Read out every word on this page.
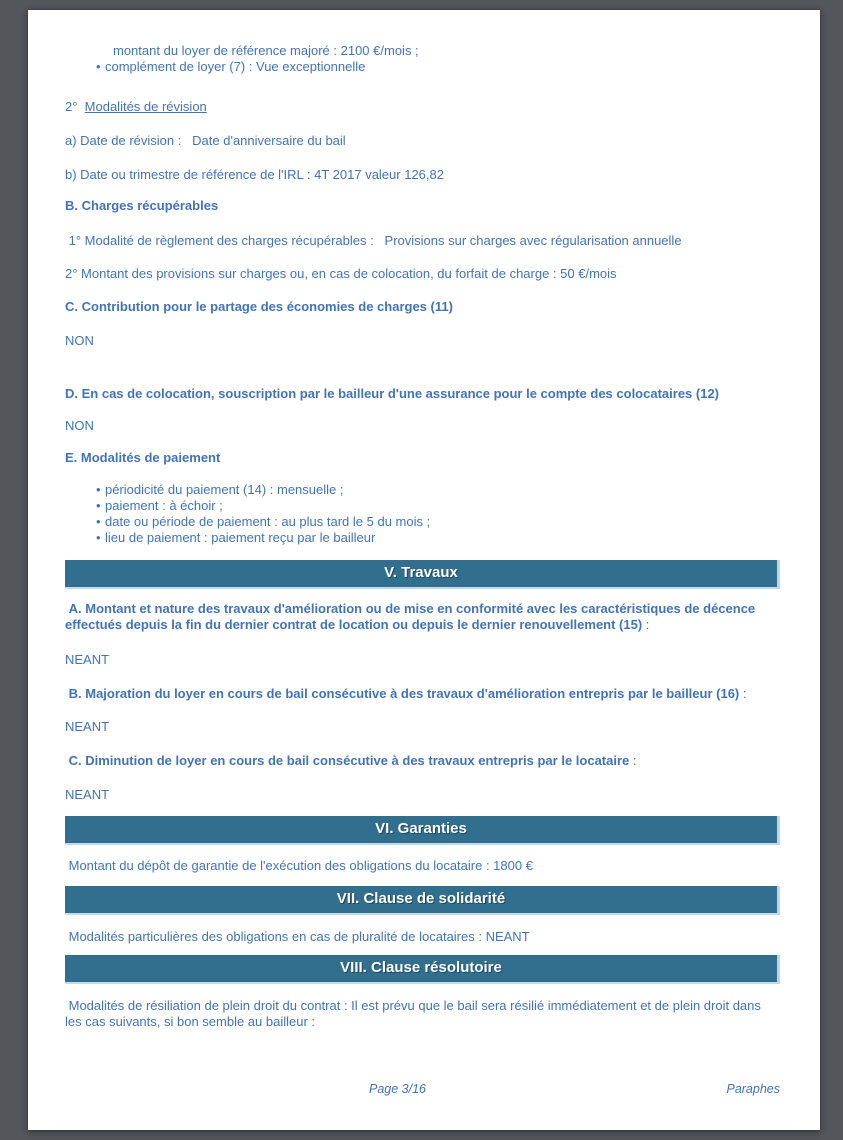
montant du loyer de référence majoré : 2100 €/mois ;

• complément de loyer (7) : Vue exceptionnelle

2°  Modalités de révision

a) Date de révision :   Date d'anniversaire du bail

b) Date ou trimestre de référence de l'IRL : 4T 2017 valeur 126,82

B. Charges récupérables

1° Modalité de règlement des charges récupérables :   Provisions sur charges avec régularisation annuelle

2° Montant des provisions sur charges ou, en cas de colocation, du forfait de charge : 50 €/mois

C. Contribution pour le partage des économies de charges (11)

NON

D. En cas de colocation, souscription par le bailleur d'une assurance pour le compte des colocataires (12)

NON

E. Modalités de paiement

• périodicité du paiement (14) : mensuelle ;
• paiement : à échoir ;
• date ou période de paiement : au plus tard le 5 du mois ;
• lieu de paiement : paiement reçu par le bailleur
V. Travaux

A. Montant et nature des travaux d'amélioration ou de mise en conformité avec les caractéristiques de décence effectués depuis la fin du dernier contrat de location ou depuis le dernier renouvellement (15) :

NEANT

B. Majoration du loyer en cours de bail consécutive à des travaux d'amélioration entrepris par le bailleur (16) :

NEANT

C. Diminution de loyer en cours de bail consécutive à des travaux entrepris par le locataire :

NEANT

VI. Garanties

Montant du dépôt de garantie de l'exécution des obligations du locataire : 1800 €

VII. Clause de solidarité

Modalités particulières des obligations en cas de pluralité de locataires : NEANT

VIII. Clause résolutoire

Modalités de résiliation de plein droit du contrat : Il est prévu que le bail sera résilié immédiatement et de plein droit dans les cas suivants, si bon semble au bailleur :

Page 3/16	Paraphes
